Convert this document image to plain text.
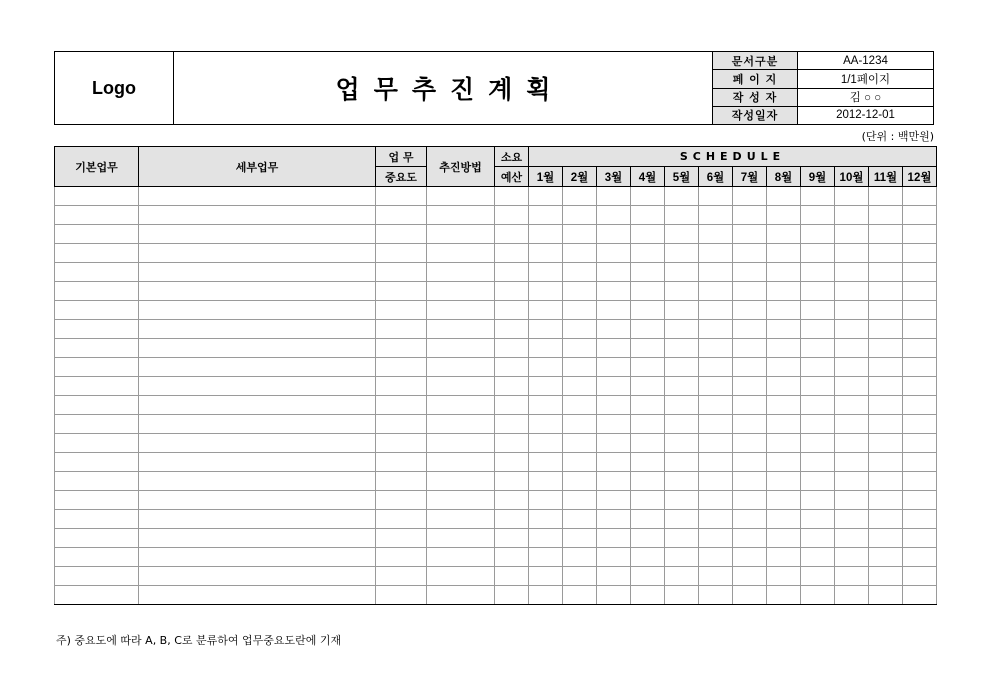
Logo	업무추진계획
문서구분	AA-1234
페 이 지	1/1페이지
작 성 자	김 ○ ○
작성일자	2012-12-01
(단위 : 백만원)
기본업무	세부업무	업 무	추진방법	소요	SCHEDULE											
		중요도		예산	1월	2월	3월	4월	5월	6월	7월	8월	9월	10월	11월	12월

주) 중요도에 따라 A, B, C로 분류하여 업무중요도란에 기재
